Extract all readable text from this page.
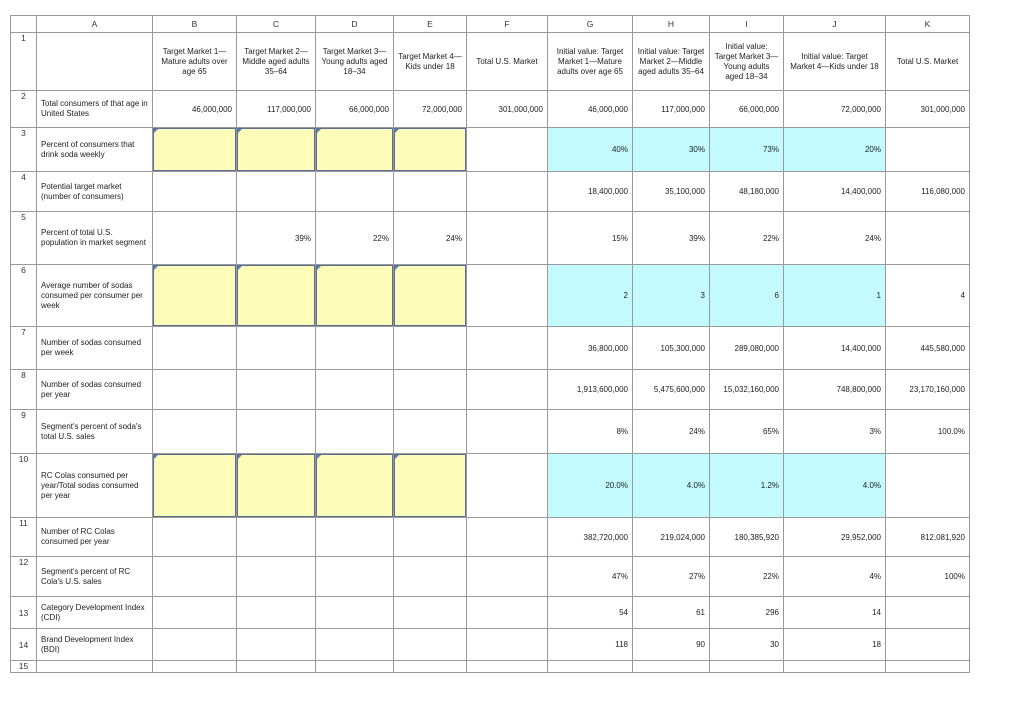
	A	B	C	D	E	F	G	H	I	J	K
1		Target Market 1—Mature adults over age 65	Target Market 2—Middle aged adults 35–64	Target Market 3—Young adults aged 18–34	Target Market 4—Kids under 18	Total U.S. Market	Initial value: Target Market 1—Mature adults over age 65	Initial value: Target Market 2—Middle aged adults 35–64	Initial value: Target Market 3—Young adults aged 18–34	Initial value: Target Market 4—Kids under 18	Total U.S. Market
2	Total consumers of that age in United States	46,000,000	117,000,000	66,000,000	72,000,000	301,000,000	46,000,000	117,000,000	66,000,000	72,000,000	301,000,000
3	Percent of consumers that drink soda weekly						40%	30%	73%	20%	
4	Potential target market (number of consumers)						18,400,000	35,100,000	48,180,000	14,400,000	116,080,000
5	Percent of total U.S. population in market segment		39%	22%	24%		15%	39%	22%	24%	
6	Average number of sodas consumed per consumer per week						2	3	6	1	4
7	Number of sodas consumed per week						36,800,000	105,300,000	289,080,000	14,400,000	445,580,000
8	Number of sodas consumed per year						1,913,600,000	5,475,600,000	15,032,160,000	748,800,000	23,170,160,000
9	Segment's percent of soda's total U.S. sales						8%	24%	65%	3%	100.0%
10	RC Colas consumed per year/Total sodas consumed per year						20.0%	4.0%	1.2%	4.0%	
11	Number of RC Colas consumed per year						382,720,000	219,024,000	180,385,920	29,952,000	812,081,920
12	Segment's percent of RC Cola's U.S. sales						47%	27%	22%	4%	100%
13	Category Development Index (CDI)						54	61	296	14	
14	Brand Development Index (BDI)						118	90	30	18	
15											
